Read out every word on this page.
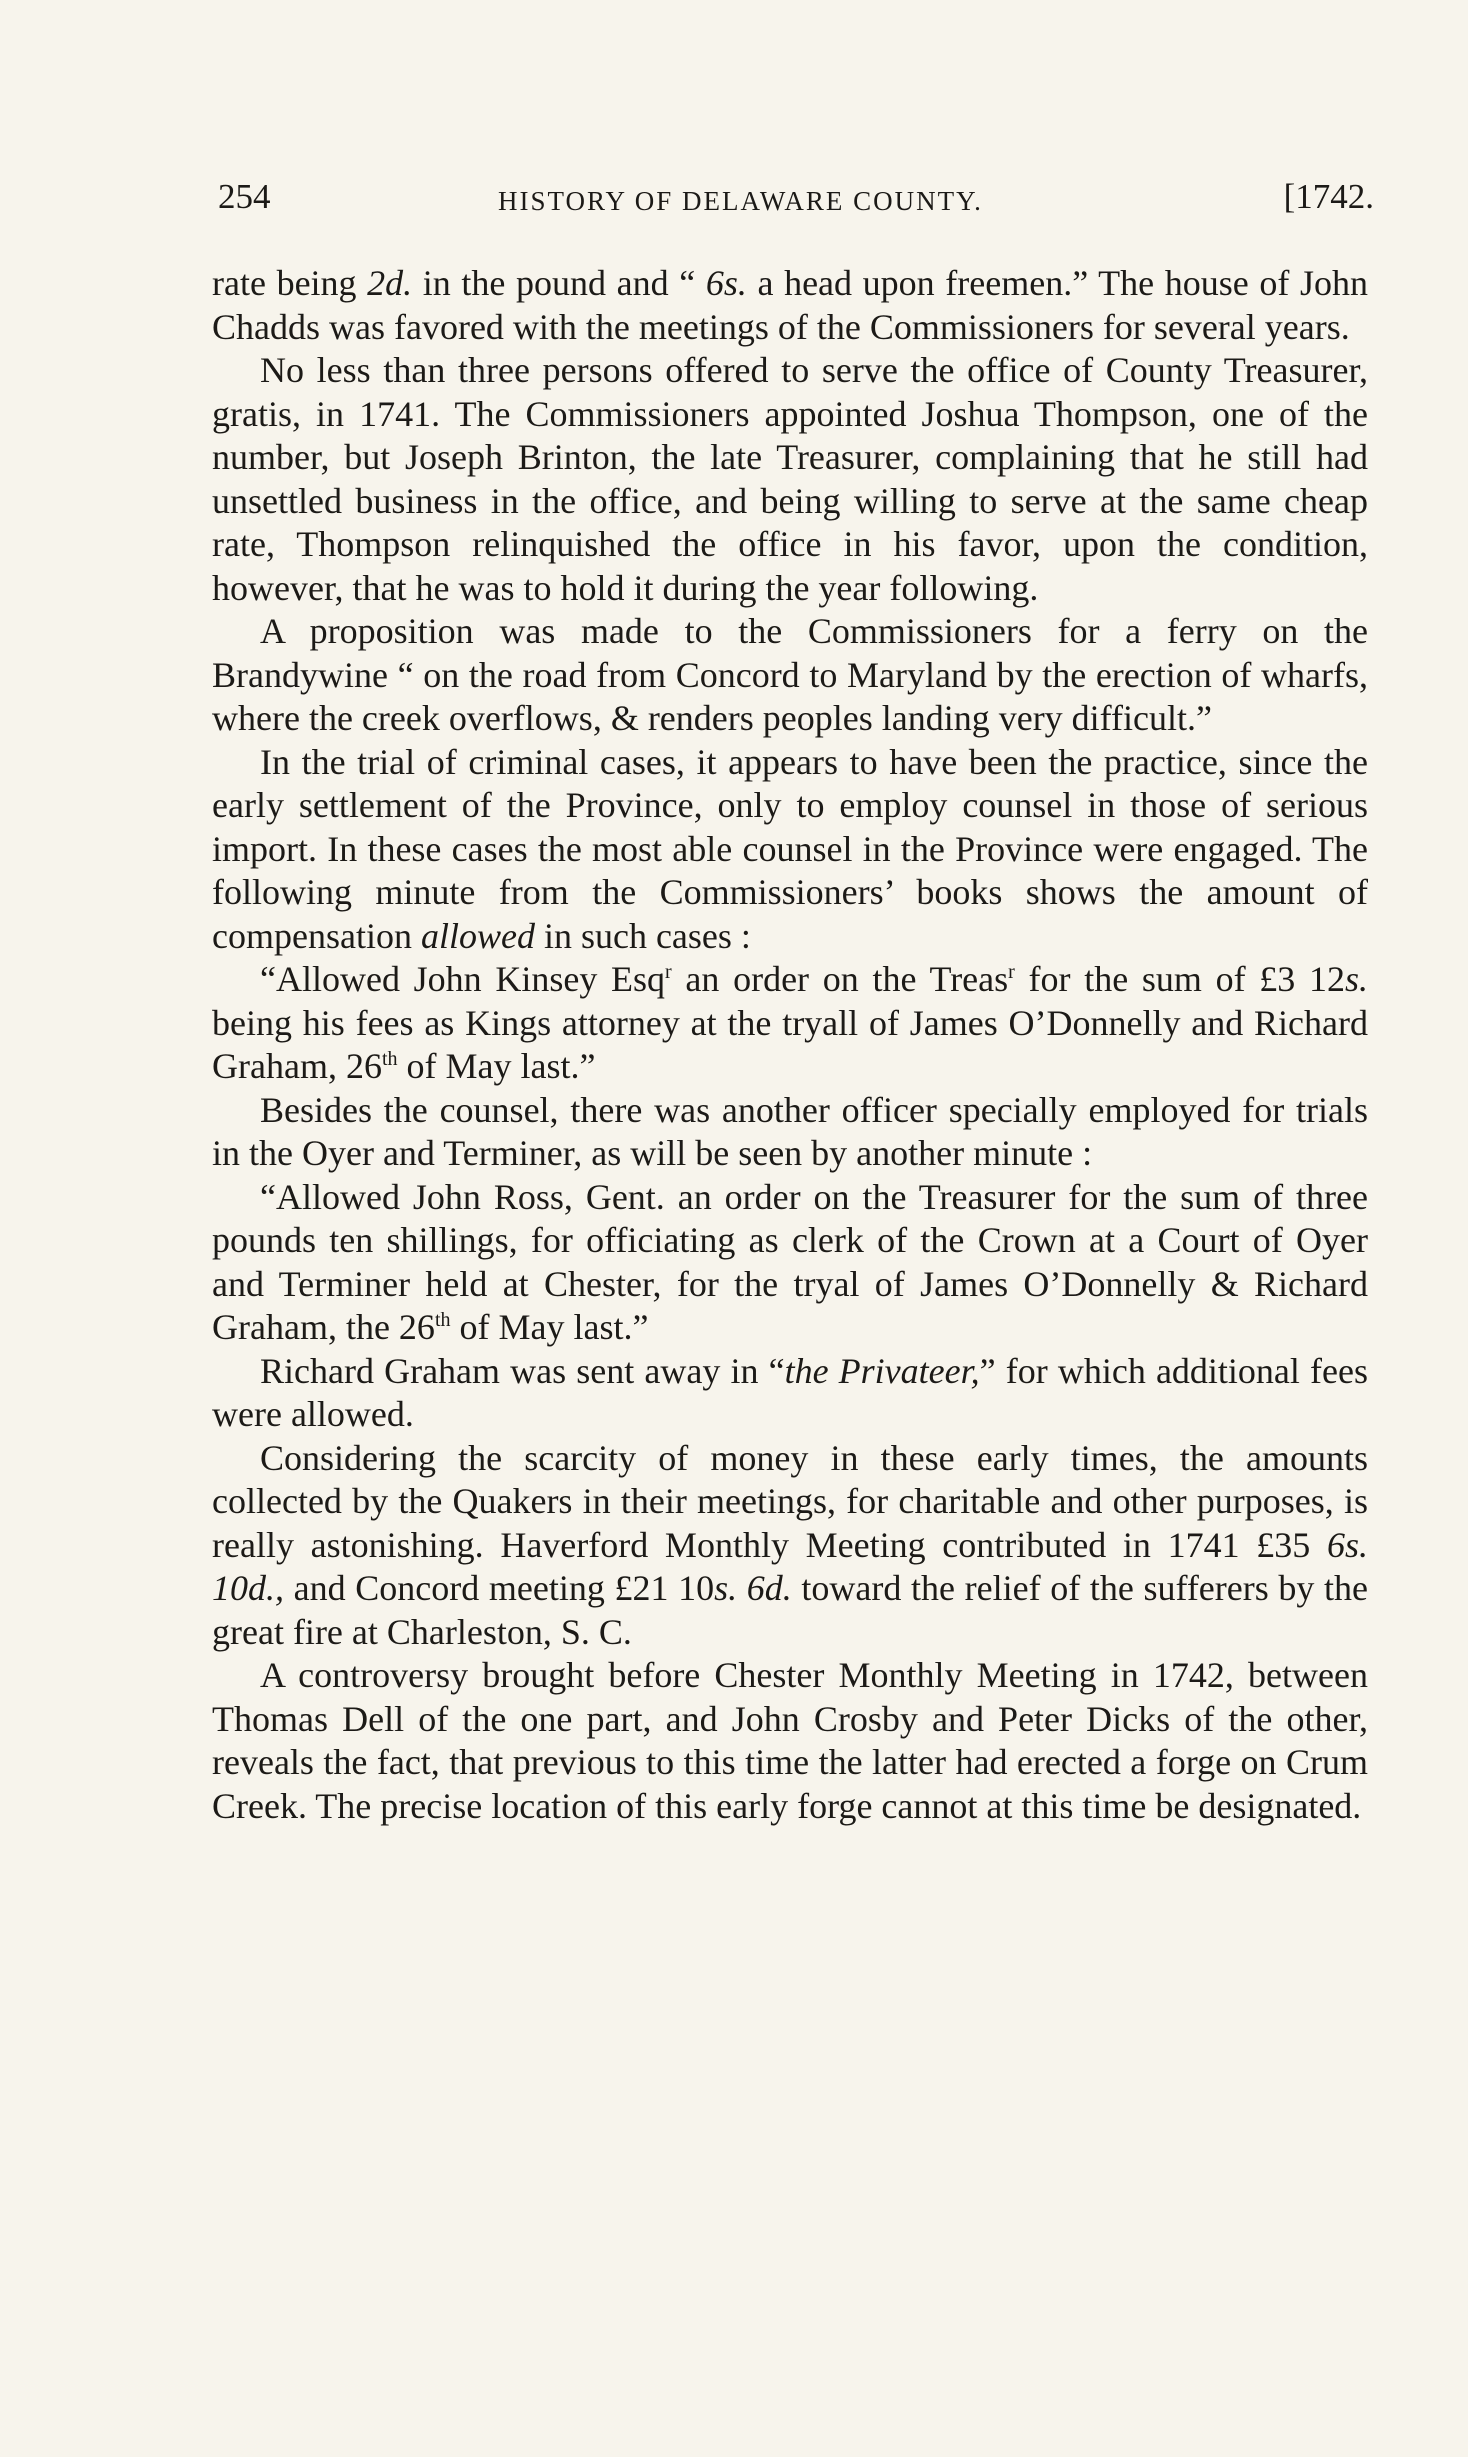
254	HISTORY OF DELAWARE COUNTY.	[1742.

rate being 2d. in the pound and “ 6s. a head upon freemen.” The house of John Chadds was favored with the meetings of the Commissioners for several years.

No less than three persons offered to serve the office of County Treasurer, gratis, in 1741. The Commissioners appointed Joshua Thompson, one of the number, but Joseph Brinton, the late Treasurer, complaining that he still had unsettled business in the office, and being willing to serve at the same cheap rate, Thompson relinquished the office in his favor, upon the condition, however, that he was to hold it during the year following.

A proposition was made to the Commissioners for a ferry on the Brandywine “ on the road from Concord to Maryland by the erection of wharfs, where the creek overflows, & renders peoples landing very difficult.”

In the trial of criminal cases, it appears to have been the practice, since the early settlement of the Province, only to employ counsel in those of serious import. In these cases the most able counsel in the Province were engaged. The following minute from the Commissioners’ books shows the amount of compensation allowed in such cases :

“Allowed John Kinsey Esq$^r$ an order on the Treas$^r$ for the sum of £3 12s. being his fees as Kings attorney at the tryall of James O’Donnelly and Richard Graham, 26th of May last.”

Besides the counsel, there was another officer specially employed for trials in the Oyer and Terminer, as will be seen by another minute :

“Allowed John Ross, Gent. an order on the Treasurer for the sum of three pounds ten shillings, for officiating as clerk of the Crown at a Court of Oyer and Terminer held at Chester, for the tryal of James O’Donnelly & Richard Graham, the 26th of May last.”

Richard Graham was sent away in “the Privateer,” for which additional fees were allowed.

Considering the scarcity of money in these early times, the amounts collected by the Quakers in their meetings, for charitable and other purposes, is really astonishing. Haverford Monthly Meeting contributed in 1741 £35 6s. 10d., and Concord meeting £21 10s. 6d. toward the relief of the sufferers by the great fire at Charleston, S. C.

A controversy brought before Chester Monthly Meeting in 1742, between Thomas Dell of the one part, and John Crosby and Peter Dicks of the other, reveals the fact, that previous to this time the latter had erected a forge on Crum Creek. The precise location of this early forge cannot at this time be designated.
